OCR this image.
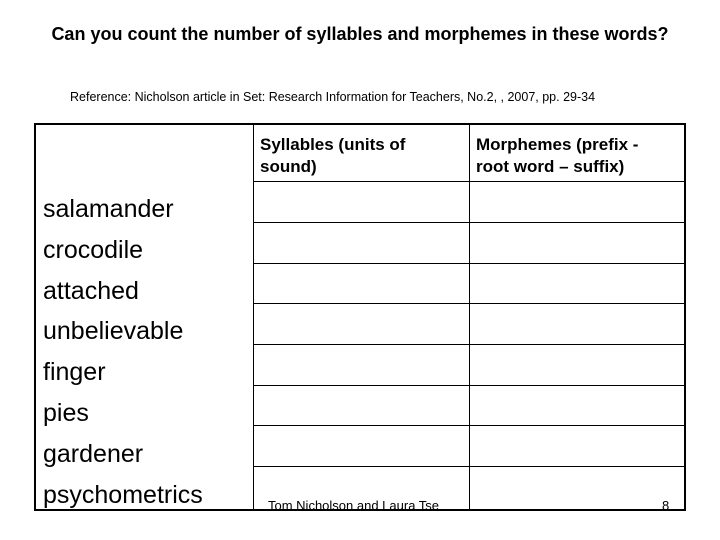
Can you count the number of syllables and morphemes in these words?
Reference: Nicholson article in Set: Research Information for Teachers, No.2, , 2007, pp. 29-34
Syllables (units of sound)
Morphemes (prefix - root word – suffix)
salamander
crocodile
attached
unbelievable
finger
pies
gardener
psychometrics	Tom Nicholson and Laura Tse	8
